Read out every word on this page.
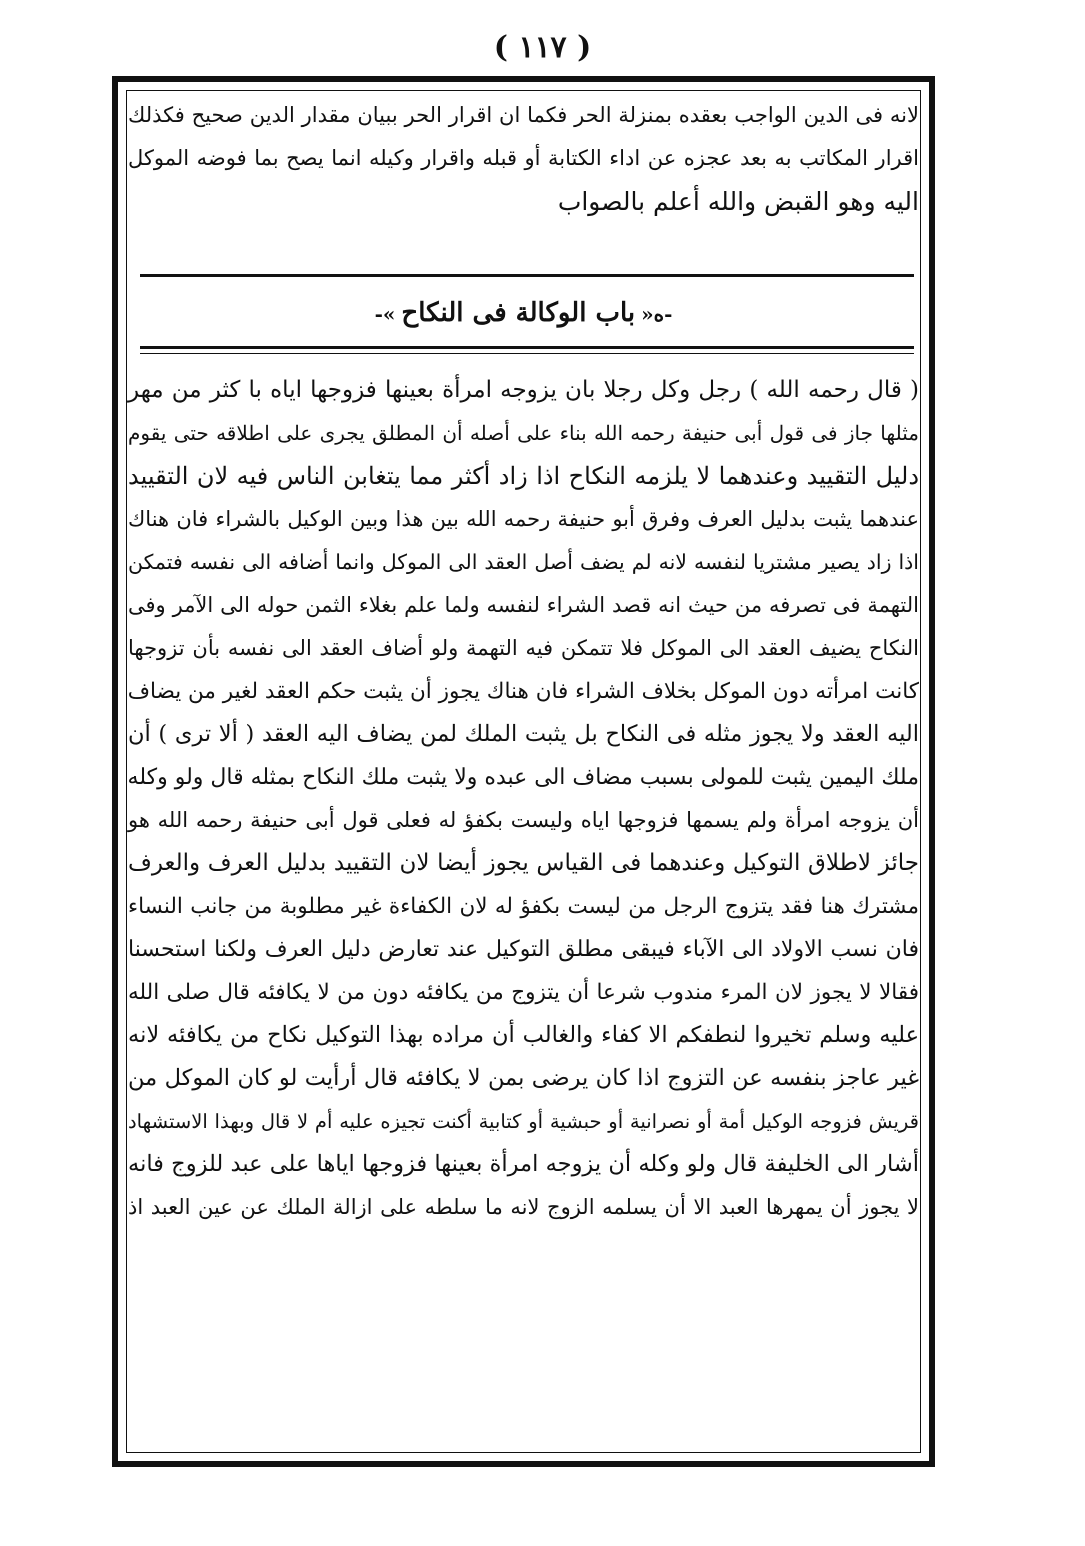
( ١١٧ )
لانه فى الدين الواجب بعقده بمنزلة الحر فكما ان اقرار الحر ببيان مقدار الدين صحيح فكذلك
اقرار المكاتب به بعد عجزه عن اداء الكتابة أو قبله واقرار وكيله انما يصح بما فوضه الموكل
اليه وهو القبض والله أعلم بالصواب
-ه«باب الوكالة فى النكاح»-
( قال رحمه الله ) رجل وكل رجلا بان يزوجه امرأة بعينها فزوجها اياه با كثر من مهر
مثلها جاز فى قول أبى حنيفة رحمه الله بناء على أصله أن المطلق يجرى على اطلاقه حتى يقوم
دليل التقييد وعندهما لا يلزمه النكاح اذا زاد أكثر مما يتغابن الناس فيه لان التقييد
عندهما يثبت بدليل العرف وفرق أبو حنيفة رحمه الله بين هذا وبين الوكيل بالشراء فان هناك
اذا زاد يصير مشتريا لنفسه لانه لم يضف أصل العقد الى الموكل وانما أضافه الى نفسه فتمكن
التهمة فى تصرفه من حيث انه قصد الشراء لنفسه ولما علم بغلاء الثمن حوله الى الآمر وفى
النكاح يضيف العقد الى الموكل فلا تتمكن فيه التهمة ولو أضاف العقد الى نفسه بأن تزوجها
كانت امرأته دون الموكل بخلاف الشراء فان هناك يجوز أن يثبت حكم العقد لغير من يضاف
اليه العقد ولا يجوز مثله فى النكاح بل يثبت الملك لمن يضاف اليه العقد ( ألا ترى ) أن
ملك اليمين يثبت للمولى بسبب مضاف الى عبده ولا يثبت ملك النكاح بمثله قال ولو وكله
أن يزوجه امرأة ولم يسمها فزوجها اياه وليست بكفؤ له فعلى قول أبى حنيفة رحمه الله هو
جائز لاطلاق التوكيل وعندهما فى القياس يجوز أيضا لان التقييد بدليل العرف والعرف
مشترك هنا فقد يتزوج الرجل من ليست بكفؤ له لان الكفاءة غير مطلوبة من جانب النساء
فان نسب الاولاد الى الآباء فيبقى مطلق التوكيل عند تعارض دليل العرف ولكنا استحسنا
فقالا لا يجوز لان المرء مندوب شرعا أن يتزوج من يكافئه دون من لا يكافئه قال صلى الله
عليه وسلم تخيروا لنطفكم الا كفاء والغالب أن مراده بهذا التوكيل نكاح من يكافئه لانه
غير عاجز بنفسه عن التزوج اذا كان يرضى بمن لا يكافئه قال أرأيت لو كان الموكل من
قريش فزوجه الوكيل أمة أو نصرانية أو حبشية أو كتابية أكنت تجيزه عليه أم لا قال وبهذا الاستشهاد
أشار الى الخليفة قال ولو وكله أن يزوجه امرأة بعينها فزوجها اياها على عبد للزوج فانه
لا يجوز أن يمهرها العبد الا أن يسلمه الزوج لانه ما سلطه على ازالة الملك عن عين العبد اذ
